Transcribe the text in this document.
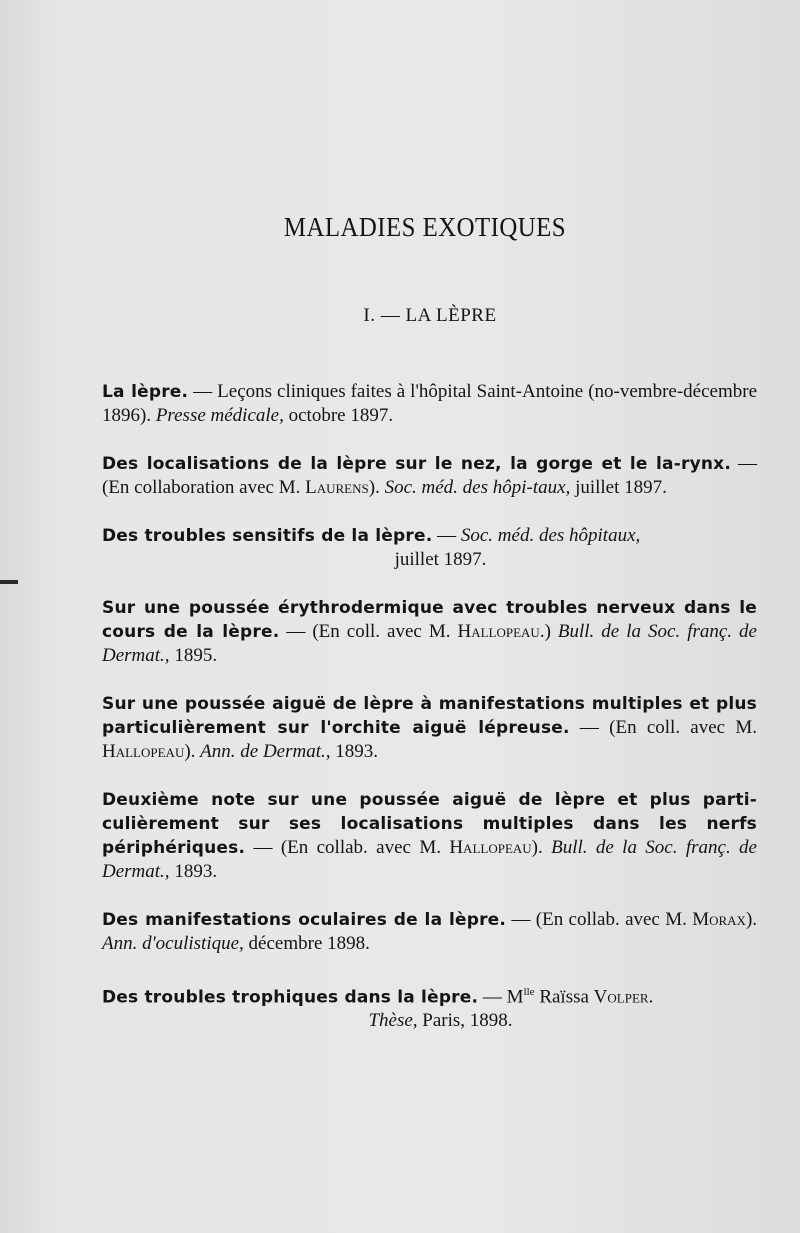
MALADIES EXOTIQUES
I. — LA LÈPRE
La lèpre. — Leçons cliniques faites à l'hôpital Saint-Antoine (no-vembre-décembre 1896). Presse médicale, octobre 1897.
Des localisations de la lèpre sur le nez, la gorge et le la-rynx. — (En collaboration avec M. Laurens). Soc. méd. des hôpi-taux, juillet 1897.
Des troubles sensitifs de la lèpre. — Soc. méd. des hôpitaux,
juillet 1897.
Sur une poussée érythrodermique avec troubles nerveux dans le cours de la lèpre. — (En coll. avec M. Hallopeau.) Bull. de la Soc. franç. de Dermat., 1895.
Sur une poussée aiguë de lèpre à manifestations multiples et plus particulièrement sur l'orchite aiguë lépreuse. — (En coll. avec M. Hallopeau). Ann. de Dermat., 1893.
Deuxième note sur une poussée aiguë de lèpre et plus parti-culièrement sur ses localisations multiples dans les nerfs périphériques. — (En collab. avec M. Hallopeau). Bull. de la Soc. franç. de Dermat., 1893.
Des manifestations oculaires de la lèpre. — (En collab. avec M. Morax). Ann. d'oculistique, décembre 1898.
Des troubles trophiques dans la lèpre. — $M^{lle}$ Raïssa Volper.
Thèse, Paris, 1898.
